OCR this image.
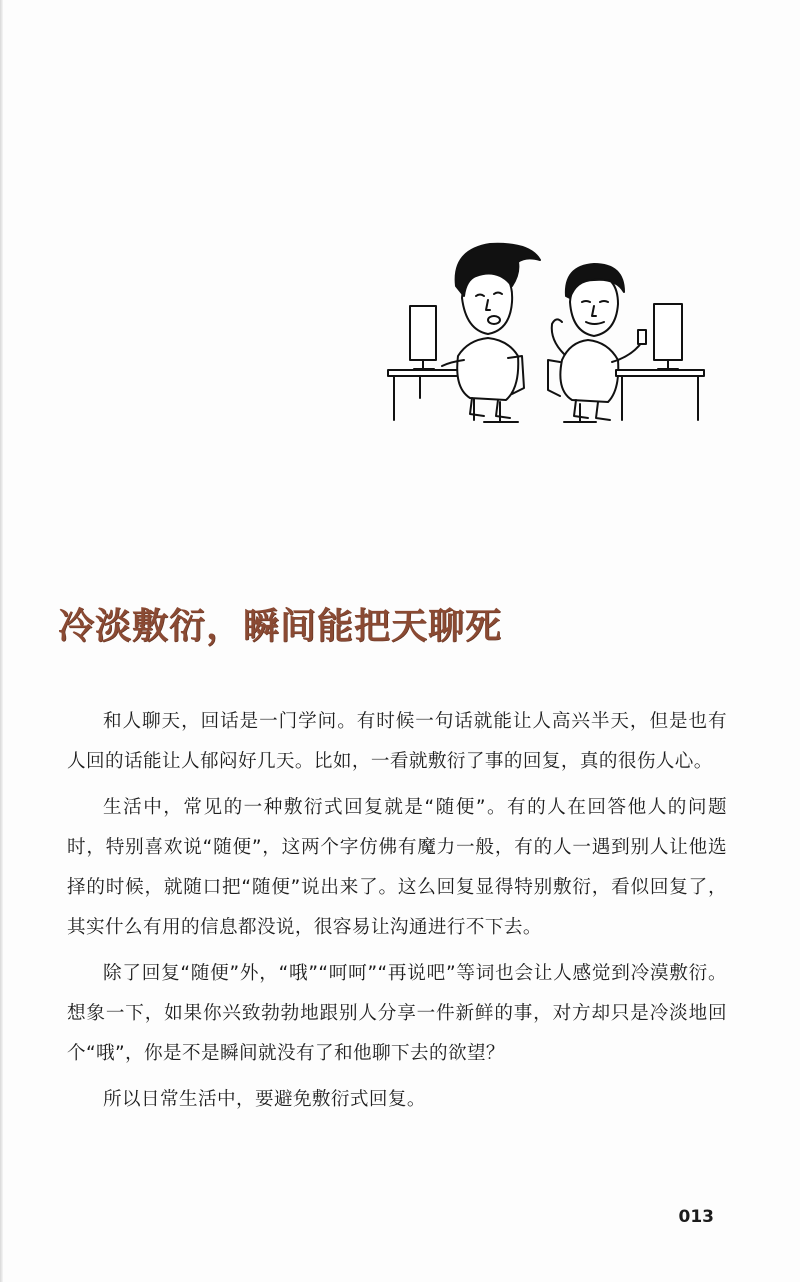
冷淡敷衍，瞬间能把天聊死

和人聊天，回话是一门学问。有时候一句话就能让人高兴半天，但是也有人回的话能让人郁闷好几天。比如，一看就敷衍了事的回复，真的很伤人心。

生活中，常见的一种敷衍式回复就是“随便”。有的人在回答他人的问题时，特别喜欢说“随便”，这两个字仿佛有魔力一般，有的人一遇到别人让他选择的时候，就随口把“随便”说出来了。这么回复显得特别敷衍，看似回复了，其实什么有用的信息都没说，很容易让沟通进行不下去。

除了回复“随便”外，“哦”“呵呵”“再说吧”等词也会让人感觉到冷漠敷衍。想象一下，如果你兴致勃勃地跟别人分享一件新鲜的事，对方却只是冷淡地回个“哦”，你是不是瞬间就没有了和他聊下去的欲望？

所以日常生活中，要避免敷衍式回复。

013
